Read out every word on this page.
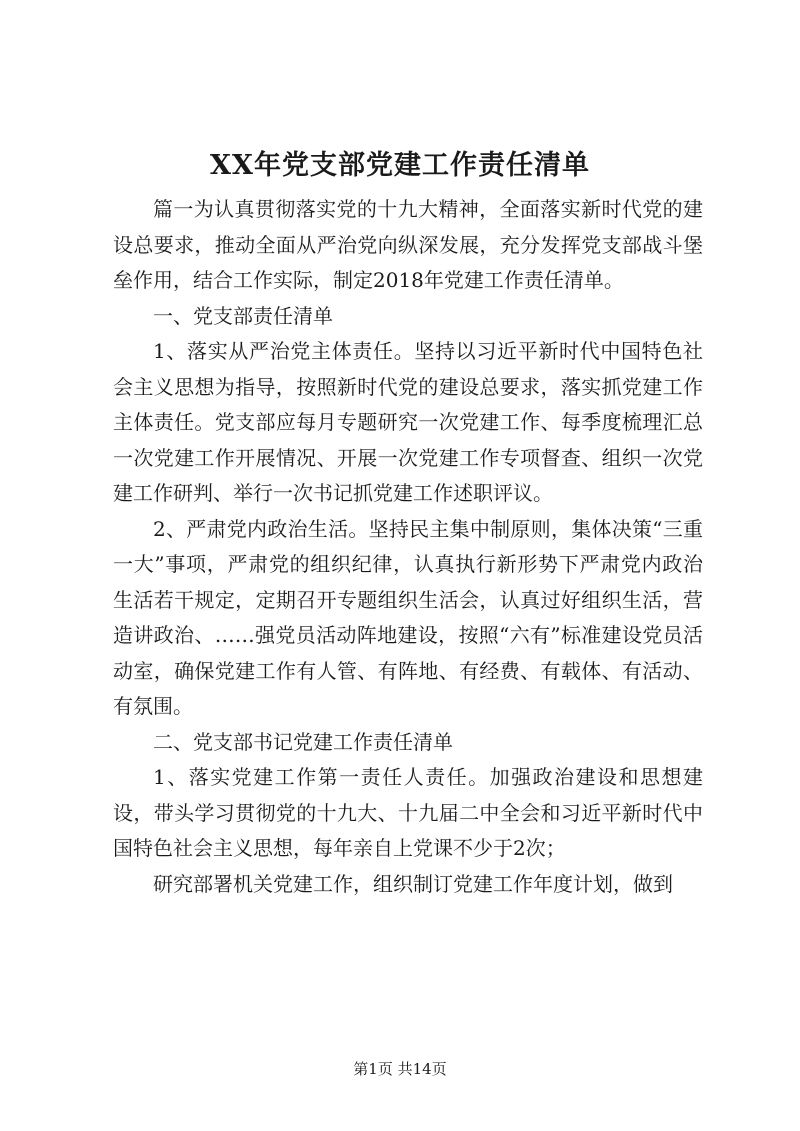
XX年党支部党建工作责任清单

篇一为认真贯彻落实党的十九大精神，全面落实新时代党的建设总要求，推动全面从严治党向纵深发展，充分发挥党支部战斗堡垒作用，结合工作实际，制定2018年党建工作责任清单。

一、党支部责任清单

1、落实从严治党主体责任。坚持以习近平新时代中国特色社会主义思想为指导，按照新时代党的建设总要求，落实抓党建工作主体责任。党支部应每月专题研究一次党建工作、每季度梳理汇总一次党建工作开展情况、开展一次党建工作专项督查、组织一次党建工作研判、举行一次书记抓党建工作述职评议。

2、严肃党内政治生活。坚持民主集中制原则，集体决策“三重一大”事项，严肃党的组织纪律，认真执行新形势下严肃党内政治生活若干规定，定期召开专题组织生活会，认真过好组织生活，营造讲政治、……强党员活动阵地建设，按照“六有”标准建设党员活动室，确保党建工作有人管、有阵地、有经费、有载体、有活动、有氛围。

二、党支部书记党建工作责任清单

1、落实党建工作第一责任人责任。加强政治建设和思想建设，带头学习贯彻党的十九大、十九届二中全会和习近平新时代中国特色社会主义思想，每年亲自上党课不少于2次；

研究部署机关党建工作，组织制订党建工作年度计划，做到

第1页 共14页
